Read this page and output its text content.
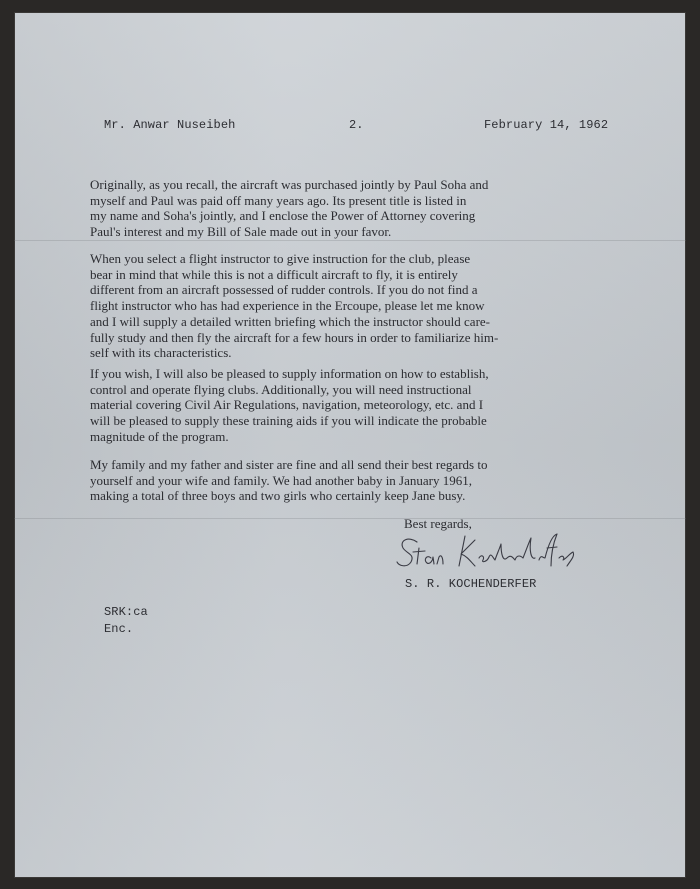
Mr. Anwar Nuseibeh	2.	February 14, 1962
Originally, as you recall, the aircraft was purchased jointly by Paul Soha and
myself and Paul was paid off many years ago. Its present title is listed in
my name and Soha's jointly, and I enclose the Power of Attorney covering
Paul's interest and my Bill of Sale made out in your favor.
When you select a flight instructor to give instruction for the club, please
bear in mind that while this is not a difficult aircraft to fly, it is entirely
different from an aircraft possessed of rudder controls. If you do not find a
flight instructor who has had experience in the Ercoupe, please let me know
and I will supply a detailed written briefing which the instructor should care-
fully study and then fly the aircraft for a few hours in order to familiarize him-
self with its characteristics.
If you wish, I will also be pleased to supply information on how to establish,
control and operate flying clubs. Additionally, you will need instructional
material covering Civil Air Regulations, navigation, meteorology, etc. and I
will be pleased to supply these training aids if you will indicate the probable
magnitude of the program.
My family and my father and sister are fine and all send their best regards to
yourself and your wife and family. We had another baby in January 1961,
making a total of three boys and two girls who certainly keep Jane busy.
Best regards,
S. R. KOCHENDERFER
SRK:ca
Enc.
